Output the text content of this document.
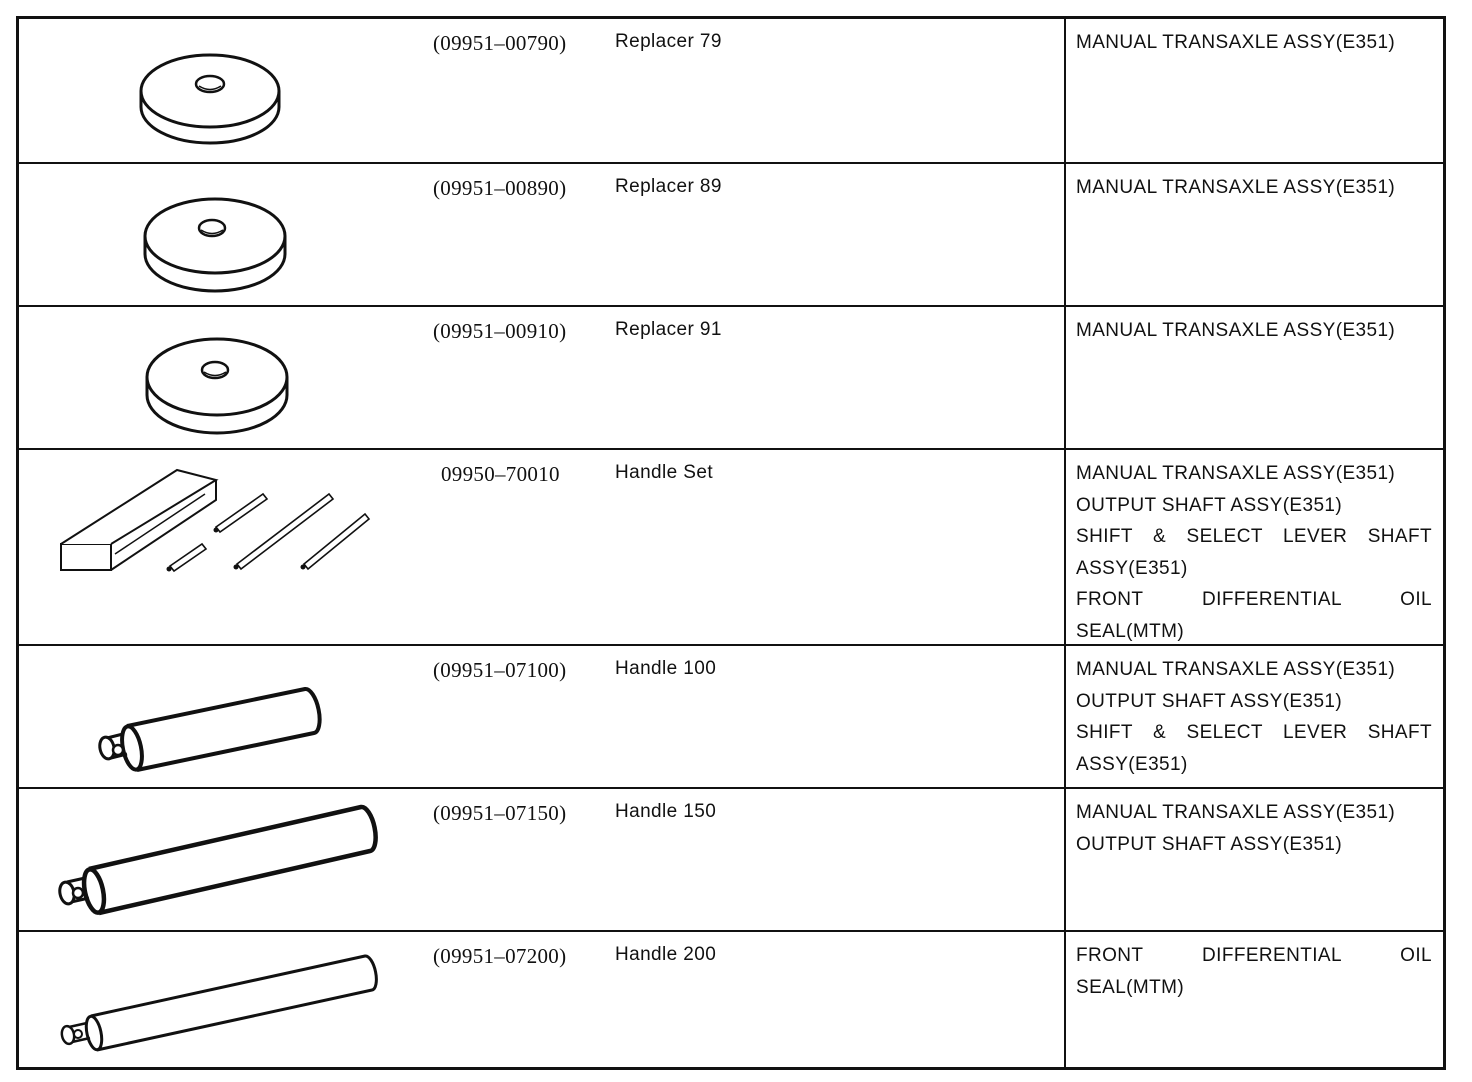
(09951–00790)	Replacer 79	MANUAL TRANSAXLE ASSY(E351)
(09951–00890)	Replacer 89	MANUAL TRANSAXLE ASSY(E351)
(09951–00910)	Replacer 91	MANUAL TRANSAXLE ASSY(E351)
09950–70010	Handle Set	MANUAL TRANSAXLE ASSY(E351)
OUTPUT SHAFT ASSY(E351)
SHIFT & SELECT LEVER SHAFT
ASSY(E351)
FRONT DIFFERENTIAL OIL
SEAL(MTM)
(09951–07100)	Handle 100	MANUAL TRANSAXLE ASSY(E351)
OUTPUT SHAFT ASSY(E351)
SHIFT & SELECT LEVER SHAFT
ASSY(E351)
(09951–07150)	Handle 150	MANUAL TRANSAXLE ASSY(E351)
OUTPUT SHAFT ASSY(E351)
(09951–07200)	Handle 200	FRONT DIFFERENTIAL OIL
SEAL(MTM)
